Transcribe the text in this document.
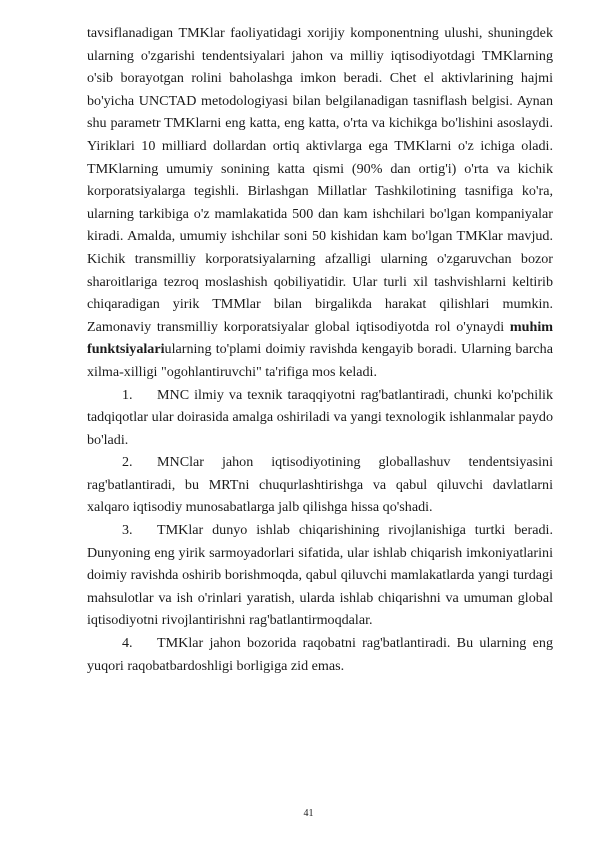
tavsiflanadigan TMKlar faoliyatidagi xorijiy komponentning ulushi, shuningdek ularning o'zgarishi tendentsiyalari jahon va milliy iqtisodiyotdagi TMKlarning o'sib borayotgan rolini baholashga imkon beradi. Chet el aktivlarining hajmi bo'yicha UNCTAD metodologiyasi bilan belgilanadigan tasniflash belgisi. Aynan shu parametr TMKlarni eng katta, eng katta, o'rta va kichikga bo'lishini asoslaydi. Yiriklari 10 milliard dollardan ortiq aktivlarga ega TMKlarni o'z ichiga oladi. TMKlarning umumiy sonining katta qismi (90% dan ortig'i) o'rta va kichik korporatsiyalarga tegishli. Birlashgan Millatlar Tashkilotining tasnifiga ko'ra, ularning tarkibiga o'z mamlakatida 500 dan kam ishchilari bo'lgan kompaniyalar kiradi. Amalda, umumiy ishchilar soni 50 kishidan kam bo'lgan TMKlar mavjud. Kichik transmilliy korporatsiyalarning afzalligi ularning o'zgaruvchan bozor sharoitlariga tezroq moslashish qobiliyatidir. Ular turli xil tashvishlarni keltirib chiqaradigan yirik TMMlar bilan birgalikda harakat qilishlari mumkin. Zamonaviy transmilliy korporatsiyalar global iqtisodiyotda rol o'ynaydi muhim funktsiyalariularning to'plami doimiy ravishda kengayib boradi. Ularning barcha xilma-xilligi "ogohlantiruvchi" ta'rifiga mos keladi.

1. MNC ilmiy va texnik taraqqiyotni rag'batlantiradi, chunki ko'pchilik tadqiqotlar ular doirasida amalga oshiriladi va yangi texnologik ishlanmalar paydo bo'ladi.

2. MNClar jahon iqtisodiyotining globallashuv tendentsiyasini rag'batlantiradi, bu MRTni chuqurlashtirishga va qabul qiluvchi davlatlarni xalqaro iqtisodiy munosabatlarga jalb qilishga hissa qo'shadi.

3. TMKlar dunyo ishlab chiqarishining rivojlanishiga turtki beradi. Dunyoning eng yirik sarmoyadorlari sifatida, ular ishlab chiqarish imkoniyatlarini doimiy ravishda oshirib borishmoqda, qabul qiluvchi mamlakatlarda yangi turdagi mahsulotlar va ish o'rinlari yaratish, ularda ishlab chiqarishni va umuman global iqtisodiyotni rivojlantirishni rag'batlantirmoqdalar.

4. TMKlar jahon bozorida raqobatni rag'batlantiradi. Bu ularning eng yuqori raqobatbardoshligi borligiga zid emas.

41
